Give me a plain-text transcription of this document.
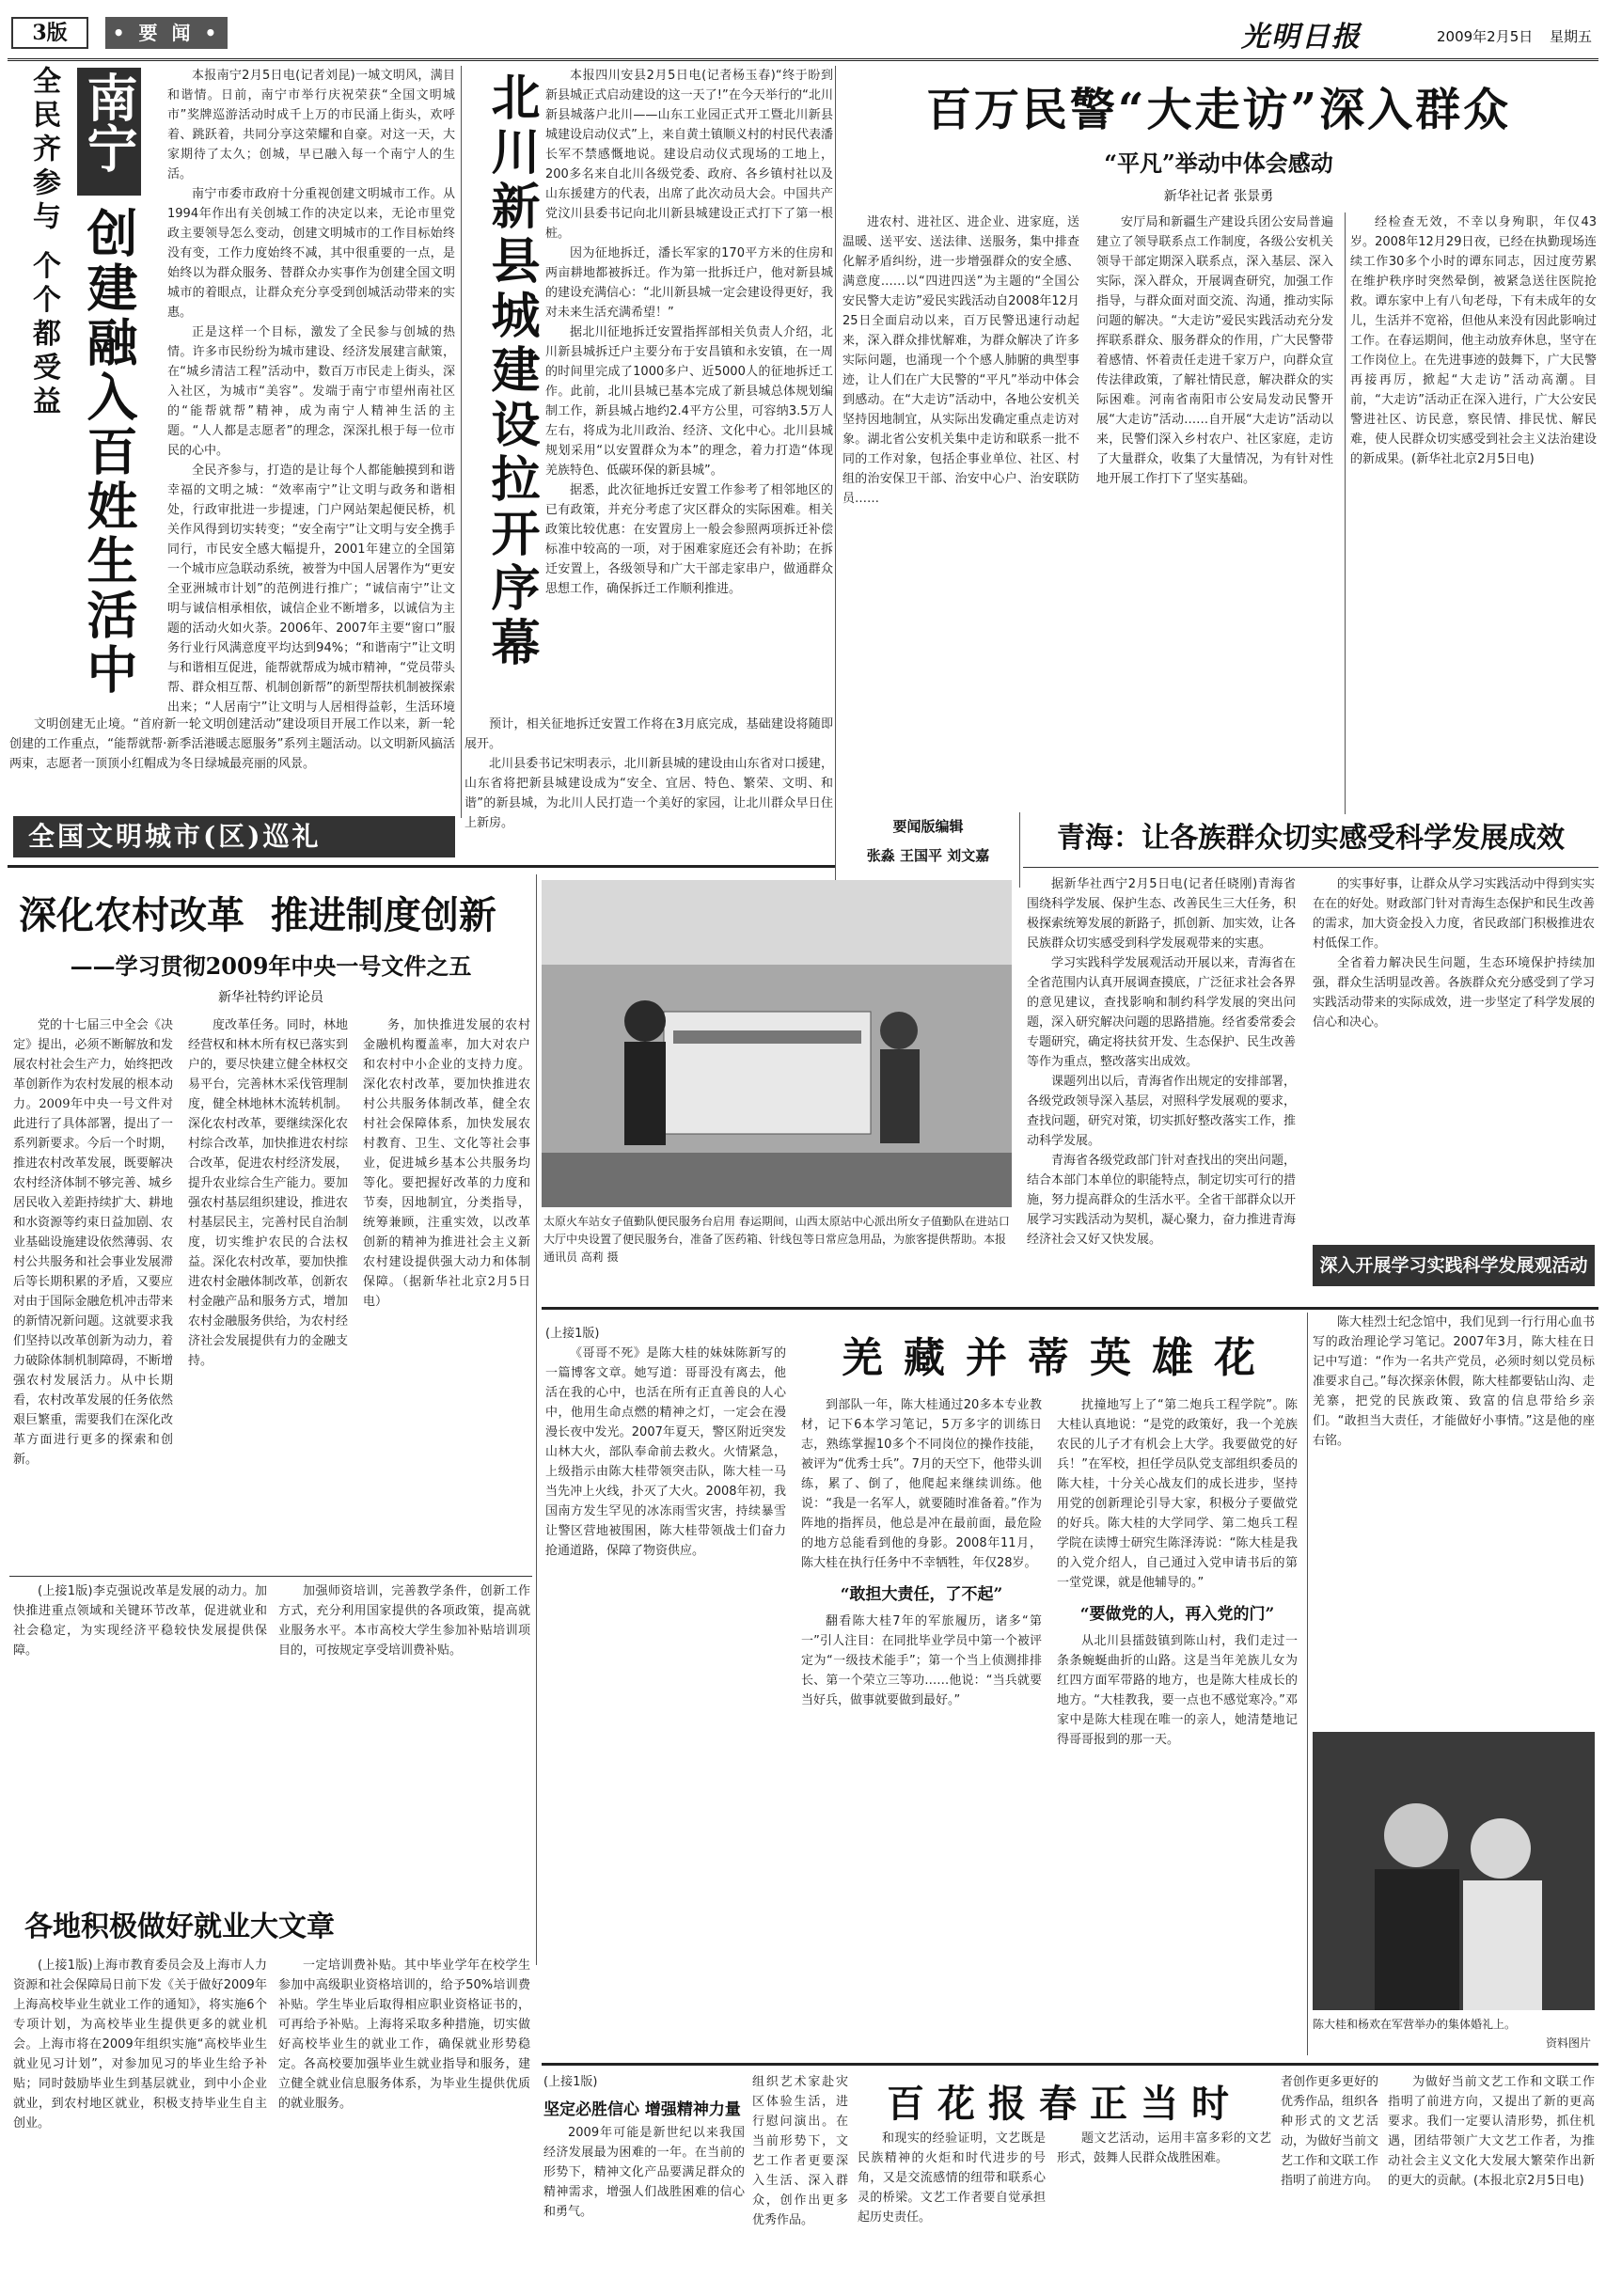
3版	• 要 闻 •	光明日报	2009年2月5日 星期五
南宁
全民齐参与 个个都受益 创建融入百姓生活中

本报南宁2月5日电(记者刘昆)一城文明风，满目和谐情。日前，南宁市举行庆祝荣获“全国文明城市”奖牌巡游活动时成千上万的市民涌上街头，欢呼着、跳跃着，共同分享这荣耀和自豪。对这一天，大家期待了太久；创城，早已融入每一个南宁人的生活。

南宁市委市政府十分重视创建文明城市工作。从1994年作出有关创城工作的决定以来，无论市里党政主要领导怎么变动，创建文明城市的工作目标始终没有变，工作力度始终不减，其中很重要的一点，是始终以为群众服务、替群众办实事作为创建全国文明城市的着眼点，让群众充分享受到创城活动带来的实惠。

正是这样一个目标，激发了全民参与创城的热情。许多市民纷纷为城市建设、经济发展建言献策，在“城乡清洁工程”活动中，数百万市民走上街头，深入社区，为城市“美容”。发端于南宁市望州南社区的“能帮就帮”精神，成为南宁人精神生活的主题。“人人都是志愿者”的理念，深深扎根于每一位市民的心中。

全民齐参与，打造的是让每个人都能触摸到和谐幸福的文明之城：“效率南宁”让文明与政务和谐相处，行政审批进一步提速，门户网站架起便民桥，机关作风得到切实转变；“安全南宁”让文明与安全携手同行，市民安全感大幅提升，2001年建立的全国第一个城市应急联动系统，被誉为中国人居署作为“更安全亚洲城市计划”的范例进行推广；“诚信南宁”让文明与诚信相承相依，诚信企业不断增多，以诚信为主题的活动火如火荼。2006年、2007年主要“窗口”服务行业行风满意度平均达到94%；“和谐南宁”让文明与和谐相互促进，能帮就帮成为城市精神，“党员带头帮、群众相互帮、机制创新帮”的新型帮扶机制被探索出来；“人居南宁”让文明与人居相得益彰，生活环境

文明创建无止境。“首府新一轮文明创建活动”建设项目开展工作以来，新一轮创建的工作重点，“能帮就帮·新季活港暖志愿服务”系列主题活动。以文明新风搞活两束，志愿者一顶顶小红帽成为冬日绿城最亮丽的风景。

北川新县城建设拉开序幕	本报四川安县2月5日电(记者杨玉春)“终于盼到新县城正式启动建设的这一天了!”在今天举行的“北川新县城落户北川——山东工业园正式开工暨北川新县城建设启动仪式”上，来自黄土镇顺义村的村民代表潘长军不禁感慨地说。建设启动仪式现场的工地上，200多名来自北川各级党委、政府、各乡镇村社以及山东援建方的代表，出席了此次动员大会。中国共产党汶川县委书记向北川新县城建设正式打下了第一根桩。

因为征地拆迁，潘长军家的170平方米的住房和两亩耕地都被拆迁。作为第一批拆迁户，他对新县城的建设充满信心：“北川新县城一定会建设得更好，我对未来生活充满希望！”

据北川征地拆迁安置指挥部相关负责人介绍，北川新县城拆迁户主要分布于安昌镇和永安镇，在一周的时间里完成了1000多户、近5000人的征地拆迁工作。此前，北川县城已基本完成了新县城总体规划编制工作，新县城占地约2.4平方公里，可容纳3.5万人左右，将成为北川政治、经济、文化中心。北川县城规划采用“以安置群众为本”的理念，着力打造“体现羌族特色、低碳环保的新县城”。

据悉，此次征地拆迁安置工作参考了相邻地区的已有政策，并充分考虑了灾区群众的实际困难。相关政策比较优惠：在安置房上一般会参照两项拆迁补偿标准中较高的一项，对于困难家庭还会有补助；在拆迁安置上，各级领导和广大干部走家串户，做通群众思想工作，确保拆迁工作顺利推进。

预计，相关征地拆迁安置工作将在3月底完成，基础建设将随即展开。

北川县委书记宋明表示，北川新县城的建设由山东省对口援建，山东省将把新县城建设成为“安全、宜居、特色、繁荣、文明、和谐”的新县城，为北川人民打造一个美好的家园，让北川群众早日住上新房。

全国文明城市(区)巡礼
百万民警“大走访”深入群众
“平凡”举动中体会感动
新华社记者 张景勇

进农村、进社区、进企业、进家庭，送温暖、送平安、送法律、送服务，集中排查化解矛盾纠纷，进一步增强群众的安全感、满意度……以“四进四送”为主题的“全国公安民警大走访”爱民实践活动自2008年12月25日全面启动以来，百万民警迅速行动起来，深入群众排忧解难，为群众解决了许多实际问题，也涌现一个个感人肺腑的典型事迹，让人们在广大民警的“平凡”举动中体会到感动。在“大走访”活动中，各地公安机关坚持因地制宜，从实际出发确定重点走访对象。湖北省公安机关集中走访和联系一批不同的工作对象，包括企事业单位、社区、村组的治安保卫干部、治安中心户、治安联防员……

安厅局和新疆生产建设兵团公安局普遍建立了领导联系点工作制度，各级公安机关领导干部定期深入联系点，深入基层、深入实际，深入群众，开展调查研究，加强工作指导，与群众面对面交流、沟通，推动实际问题的解决。“大走访”爱民实践活动充分发挥联系群众、服务群众的作用，广大民警带着感情、怀着责任走进千家万户，向群众宣传法律政策，了解社情民意，解决群众的实际困难。河南省南阳市公安局发动民警开展“大走访”活动……自开展“大走访”活动以来，民警们深入乡村农户、社区家庭，走访了大量群众，收集了大量情况，为有针对性地开展工作打下了坚实基础。

经检查无效，不幸以身殉职，年仅43岁。2008年12月29日夜，已经在执勤现场连续工作30多个小时的谭东同志，因过度劳累在维护秩序时突然晕倒，被紧急送往医院抢救。谭东家中上有八旬老母，下有未成年的女儿，生活并不宽裕，但他从来没有因此影响过工作。在春运期间，他主动放弃休息，坚守在工作岗位上。在先进事迹的鼓舞下，广大民警再接再厉，掀起“大走访”活动高潮。目前，“大走访”活动正在深入进行，广大公安民警进社区、访民意，察民情、排民忧、解民难，使人民群众切实感受到社会主义法治建设的新成果。(新华社北京2月5日电)

要闻版编辑
张淼 王国平 刘文嘉
青海：让各族群众切实感受科学发展成效

据新华社西宁2月5日电(记者任晓刚)青海省围绕科学发展、保护生态、改善民生三大任务，积极探索统筹发展的新路子，抓创新、加实效，让各民族群众切实感受到科学发展观带来的实惠。

学习实践科学发展观活动开展以来，青海省在全省范围内认真开展调查摸底，广泛征求社会各界的意见建议，查找影响和制约科学发展的突出问题，深入研究解决问题的思路措施。经省委常委会专题研究，确定将扶贫开发、生态保护、民生改善等作为重点，整改落实出成效。

课题列出以后，青海省作出规定的安排部署，各级党政领导深入基层，对照科学发展观的要求，查找问题，研究对策，切实抓好整改落实工作，推动科学发展。

青海省各级党政部门针对查找出的突出问题，结合本部门本单位的职能特点，制定切实可行的措施，努力提高群众的生活水平。全省干部群众以开展学习实践活动为契机，凝心聚力，奋力推进青海经济社会又好又快发展。

的实事好事，让群众从学习实践活动中得到实实在在的好处。财政部门针对青海生态保护和民生改善的需求，加大资金投入力度，省民政部门积极推进农村低保工作。

全省着力解决民生问题，生态环境保护持续加强，群众生活明显改善。各族群众充分感受到了学习实践活动带来的实际成效，进一步坚定了科学发展的信心和决心。

深入开展学习实践科学发展观活动
深化农村改革  推进制度创新
——学习贯彻2009年中央一号文件之五
新华社特约评论员

党的十七届三中全会《决定》提出，必须不断解放和发展农村社会生产力，始终把改革创新作为农村发展的根本动力。2009年中央一号文件对此进行了具体部署，提出了一系列新要求。今后一个时期，推进农村改革发展，既要解决农村经济体制不够完善、城乡居民收入差距持续扩大、耕地和水资源等约束日益加剧、农业基础设施建设依然薄弱、农村公共服务和社会事业发展滞后等长期积累的矛盾，又要应对由于国际金融危机冲击带来的新情况新问题。这就要求我们坚持以改革创新为动力，着力破除体制机制障碍，不断增强农村发展活力。从中长期看，农村改革发展的任务依然艰巨繁重，需要我们在深化改革方面进行更多的探索和创新。

度改革任务。同时，林地经营权和林木所有权已落实到户的，要尽快建立健全林权交易平台，完善林木采伐管理制度，健全林地林木流转机制。深化农村改革，要继续深化农村综合改革，加快推进农村综合改革，促进农村经济发展，提升农业综合生产能力。要加强农村基层组织建设，推进农村基层民主，完善村民自治制度，切实维护农民的合法权益。深化农村改革，要加快推进农村金融体制改革，创新农村金融产品和服务方式，增加农村金融服务供给，为农村经济社会发展提供有力的金融支持。

务，加快推进发展的农村金融机构覆盖率，加大对农户和农村中小企业的支持力度。深化农村改革，要加快推进农村公共服务体制改革，健全农村社会保障体系，加快发展农村教育、卫生、文化等社会事业，促进城乡基本公共服务均等化。要把握好改革的力度和节奏，因地制宜，分类指导，统筹兼顾，注重实效，以改革创新的精神为推进社会主义新农村建设提供强大动力和体制保障。（据新华社北京2月5日电）

太原火车站女子值勤队便民服务台启用 春运期间，山西太原站中心派出所女子值勤队在进站口大厅中央设置了便民服务台，准备了医药箱、针线包等日常应急用品，为旅客提供帮助。本报通讯员 高莉 摄

(上接1版)李克强说改革是发展的动力。加快推进重点领域和关键环节改革，促进就业和社会稳定，为实现经济平稳较快发展提供保障。

加强师资培训，完善教学条件，创新工作方式，充分利用国家提供的各项政策，提高就业服务水平。本市高校大学生参加补贴培训项目的，可按规定享受培训费补贴。

各地积极做好就业大文章

(上接1版)上海市教育委员会及上海市人力资源和社会保障局日前下发《关于做好2009年上海高校毕业生就业工作的通知》，将实施6个专项计划，为高校毕业生提供更多的就业机会。上海市将在2009年组织实施“高校毕业生就业见习计划”，对参加见习的毕业生给予补贴；同时鼓励毕业生到基层就业，到中小企业就业，到农村地区就业，积极支持毕业生自主创业。

一定培训费补贴。其中毕业学年在校学生参加中高级职业资格培训的，给予50%培训费补贴。学生毕业后取得相应职业资格证书的，可再给予补贴。上海将采取多种措施，切实做好高校毕业生的就业工作，确保就业形势稳定。各高校要加强毕业生就业指导和服务，建立健全就业信息服务体系，为毕业生提供优质的就业服务。

羌藏并蒂英雄花

(上接1版)

《哥哥不死》是陈大桂的妹妹陈新写的一篇博客文章。她写道：哥哥没有离去，他活在我的心中，也活在所有正直善良的人心中，他用生命点燃的精神之灯，一定会在漫漫长夜中发光。2007年夏天，警区附近突发山林大火，部队奉命前去救火。火情紧急，上级指示由陈大桂带领突击队，陈大桂一马当先冲上火线，扑灭了大火。2008年初，我国南方发生罕见的冰冻雨雪灾害，持续暴雪让警区营地被围困，陈大桂带领战士们奋力抢通道路，保障了物资供应。

到部队一年，陈大桂通过20多本专业教材，记下6本学习笔记，5万多字的训练日志，熟练掌握10多个不同岗位的操作技能，被评为“优秀士兵”。7月的天空下，他带头训练，累了、倒了，他爬起来继续训练。他说：“我是一名军人，就要随时准备着。”作为阵地的指挥员，他总是冲在最前面，最危险的地方总能看到他的身影。2008年11月，陈大桂在执行任务中不幸牺牲，年仅28岁。

“敢担大责任，了不起”

翻看陈大桂7年的军旅履历，诸多“第一”引人注目：在同批毕业学员中第一个被评定为“一级技术能手”；第一个当上侦测排排长、第一个荣立三等功……他说：“当兵就要当好兵，做事就要做到最好。”

扰撞地写上了“第二炮兵工程学院”。陈大桂认真地说：“是党的政策好，我一个羌族农民的儿子才有机会上大学。我要做党的好兵！”在军校，担任学员队党支部组织委员的陈大桂，十分关心战友们的成长进步，坚持用党的创新理论引导大家，积极分子要做党的好兵。陈大桂的大学同学、第二炮兵工程学院在读博士研究生陈泽涛说：“陈大桂是我的入党介绍人，自己通过入党申请书后的第一堂党课，就是他辅导的。”

“要做党的人，再入党的门”

从北川县擂鼓镇到陈山村，我们走过一条条蜿蜒曲折的山路。这是当年羌族儿女为红四方面军带路的地方，也是陈大桂成长的地方。“大桂教我，要一点也不感觉寒冷。”邓家中是陈大桂现在唯一的亲人，她清楚地记得哥哥报到的那一天。

陈大桂烈士纪念馆中，我们见到一行行用心血书写的政治理论学习笔记。2007年3月，陈大桂在日记中写道：“作为一名共产党员，必须时刻以党员标准要求自己。”每次探亲休假，陈大桂都要钻山沟、走羌寨，把党的民族政策、致富的信息带给乡亲们。“敢担当大责任，才能做好小事情。”这是他的座右铭。

陈大桂和杨欢在军营举办的集体婚礼上。
资料图片

(上接1版)

坚定必胜信心 增强精神力量

2009年可能是新世纪以来我国经济发展最为困难的一年。在当前的形势下，精神文化产品要满足群众的精神需求，增强人们战胜困难的信心和勇气。

组织艺术家赴灾区体验生活，进行慰问演出。在当前形势下，文艺工作者更要深入生活、深入群众，创作出更多优秀作品。

百花报春正当时

和现实的经验证明，文艺既是民族精神的火炬和时代进步的号角，又是交流感情的纽带和联系心灵的桥梁。文艺工作者要自觉承担起历史责任。

题文艺活动，运用丰富多彩的文艺形式，鼓舞人民群众战胜困难。

者创作更多更好的优秀作品，组织各种形式的文艺活动，为做好当前文艺工作和文联工作指明了前进方向。

为做好当前文艺工作和文联工作指明了前进方向，又提出了新的更高要求。我们一定要认清形势，抓住机遇，团结带领广大文艺工作者，为推动社会主义文化大发展大繁荣作出新的更大的贡献。(本报北京2月5日电)
